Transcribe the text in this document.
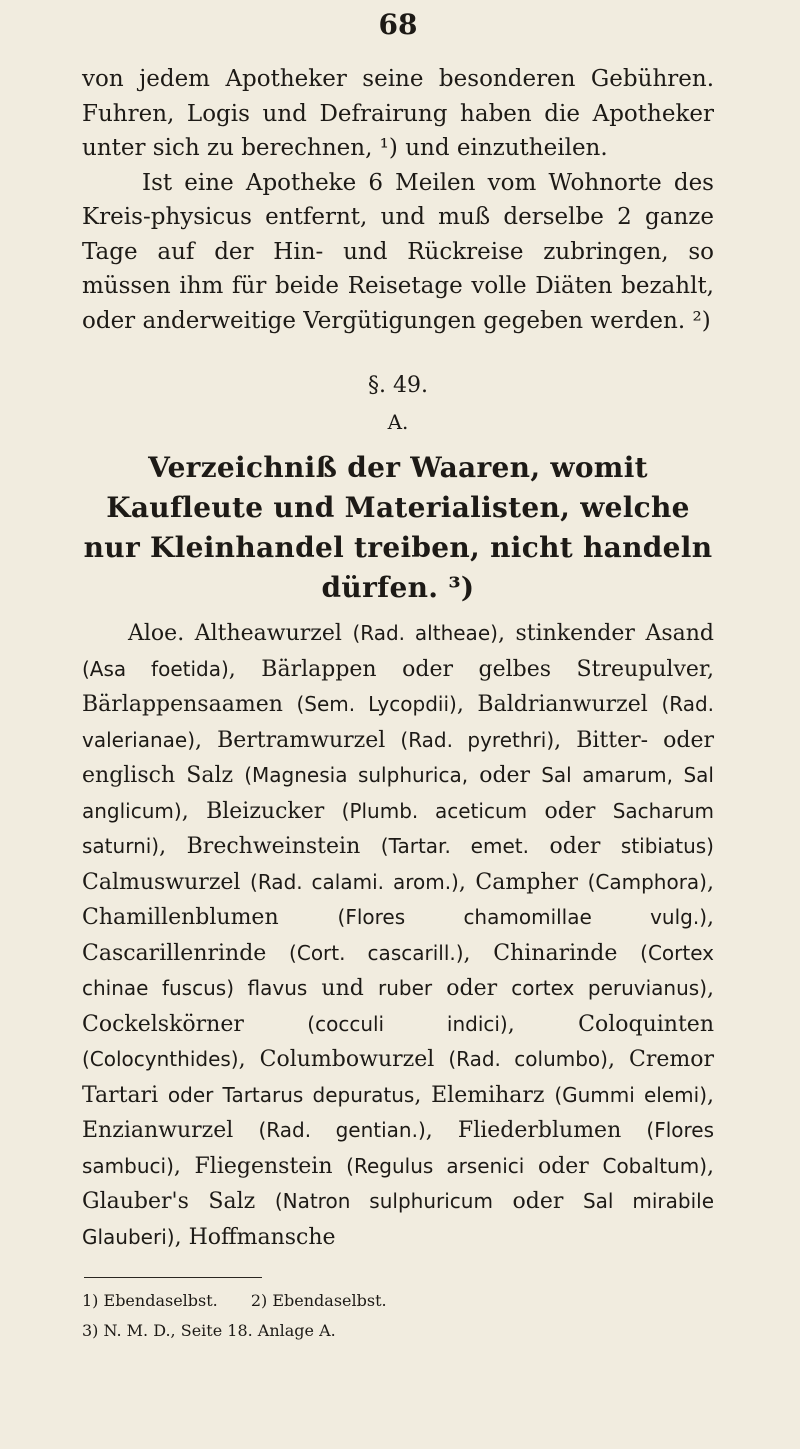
68

von jedem Apotheker seine besonderen Gebühren. Fuhren, Logis und Defrairung haben die Apotheker unter sich zu berechnen, ¹) und einzutheilen.

Ist eine Apotheke 6 Meilen vom Wohnorte des Kreis-physicus entfernt, und muß derselbe 2 ganze Tage auf der Hin- und Rückreise zubringen, so müssen ihm für beide Reisetage volle Diäten bezahlt, oder anderweitige Vergütigungen gegeben werden. ²)

§. 49.
A.
Verzeichniß der Waaren, womit Kaufleute und Materialisten, welche nur Kleinhandel treiben, nicht handeln dürfen. ³)

Aloe. Altheawurzel (Rad. altheae), stinkender Asand (Asa foetida), Bärlappen oder gelbes Streupulver, Bärlappensaamen (Sem. Lycopdii), Baldrianwurzel (Rad. valerianae), Bertramwurzel (Rad. pyrethri), Bitter- oder englisch Salz (Magnesia sulphurica, oder Sal amarum, Sal anglicum), Bleizucker (Plumb. aceticum oder Sacharum saturni), Brechweinstein (Tartar. emet. oder stibiatus) Calmuswurzel (Rad. calami. arom.), Campher (Camphora), Chamillenblumen (Flores chamomillae vulg.), Cascarillenrinde (Cort. cascarill.), Chinarinde (Cortex chinae fuscus) flavus und ruber oder cortex peruvianus), Cockelskörner (cocculi indici), Coloquinten (Colocynthides), Columbowurzel (Rad. columbo), Cremor Tartari oder Tartarus depuratus, Elemiharz (Gummi elemi), Enzianwurzel (Rad. gentian.), Fliederblumen (Flores sambuci), Fliegenstein (Regulus arsenici oder Cobaltum), Glauber's Salz (Natron sulphuricum oder Sal mirabile Glauberi), Hoffmansche

1) Ebendaselbst. 2) Ebendaselbst.
3) N. M. D., Seite 18. Anlage A.
